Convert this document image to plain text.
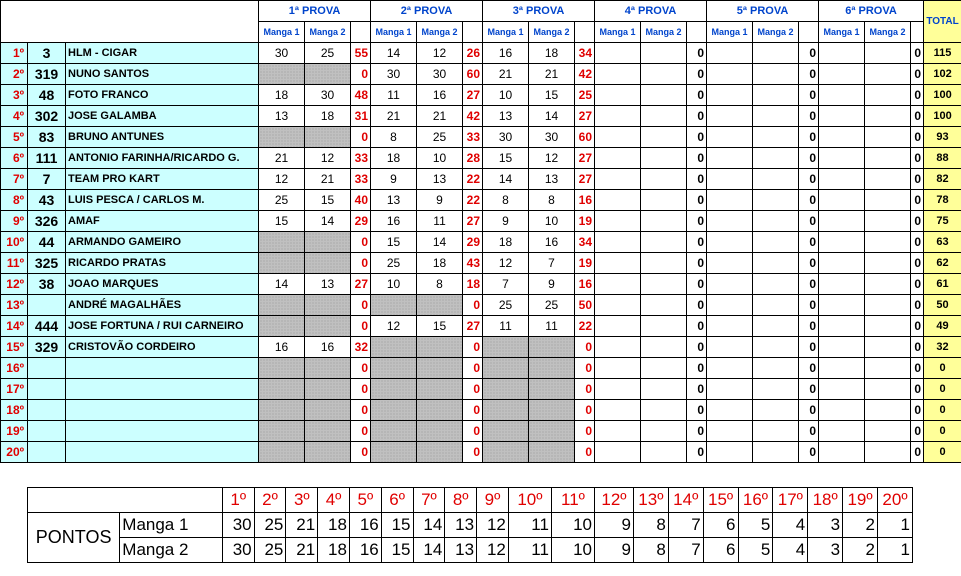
			1ª PROVA			2ª PROVA			3ª PROVA			4ª PROVA			5ª PROVA			6ª PROVA			TOTAL
			Manga 1	Manga 2		Manga 1	Manga 2		Manga 1	Manga 2		Manga 1	Manga 2		Manga 1	Manga 2		Manga 1	Manga 2		
1º	3	HLM - CIGAR	30	25	55	14	12	26	16	18	34			0			0			0	115
2º	319	NUNO SANTOS			0	30	30	60	21	21	42			0			0			0	102
3º	48	FOTO FRANCO	18	30	48	11	16	27	10	15	25			0			0			0	100
4º	302	JOSE GALAMBA	13	18	31	21	21	42	13	14	27			0			0			0	100
5º	83	BRUNO ANTUNES			0	8	25	33	30	30	60			0			0			0	93
6º	111	ANTONIO FARINHA/RICARDO G.	21	12	33	18	10	28	15	12	27			0			0			0	88
7º	7	TEAM PRO KART	12	21	33	9	13	22	14	13	27			0			0			0	82
8º	43	LUIS PESCA / CARLOS M.	25	15	40	13	9	22	8	8	16			0			0			0	78
9º	326	AMAF	15	14	29	16	11	27	9	10	19			0			0			0	75
10º	44	ARMANDO GAMEIRO			0	15	14	29	18	16	34			0			0			0	63
11º	325	RICARDO PRATAS			0	25	18	43	12	7	19			0			0			0	62
12º	38	JOAO MARQUES	14	13	27	10	8	18	7	9	16			0			0			0	61
13º		ANDRÉ MAGALHÃES			0			0	25	25	50			0			0			0	50
14º	444	JOSE FORTUNA / RUI CARNEIRO			0	12	15	27	11	11	22			0			0			0	49
15º	329	CRISTOVÃO CORDEIRO	16	16	32			0			0			0			0			0	32
16º					0			0			0			0			0			0	0
17º					0			0			0			0			0			0	0
18º					0			0			0			0			0			0	0
19º					0			0			0			0			0			0	0
20º					0			0			0			0			0			0	0
		1º	2º	3º	4º	5º	6º	7º	8º	9º	10º	11º	12º	13º	14º	15º	16º	17º	18º	19º	20º
PONTOS	Manga 1	30	25	21	18	16	15	14	13	12	11	10	9	8	7	6	5	4	3	2	1
	Manga 2	30	25	21	18	16	15	14	13	12	11	10	9	8	7	6	5	4	3	2	1
